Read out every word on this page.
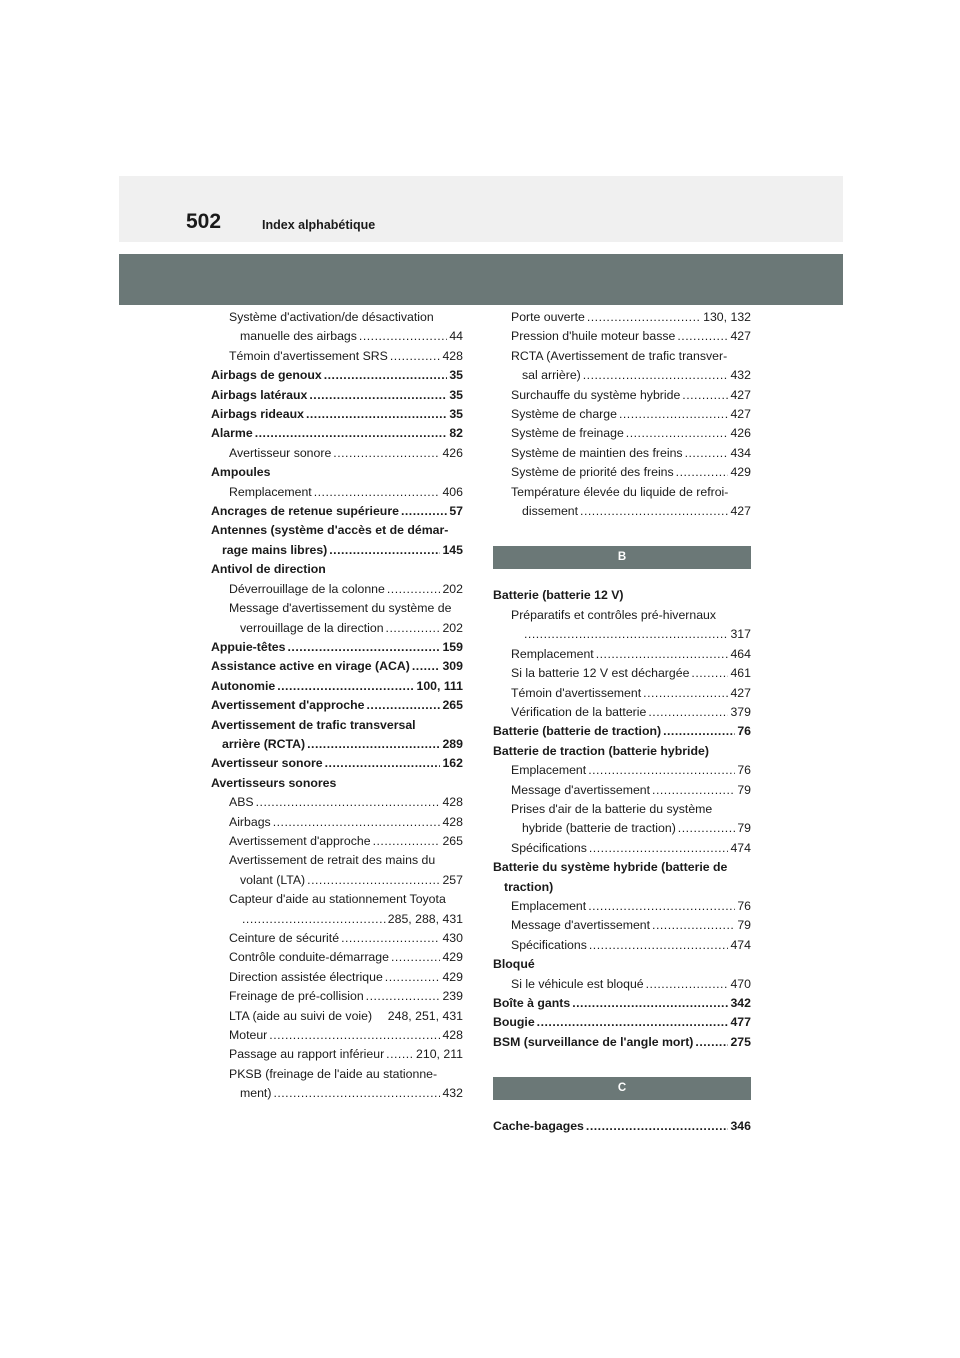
502	Index alphabétique
Système d'activation/de désactivation
manuelle des airbags .....	44
Témoin d'avertissement SRS .....	428
Airbags de genoux .....	35
Airbags latéraux .....	35
Airbags rideaux .....	35
Alarme .....	82
Avertisseur sonore .....	426
Ampoules
Remplacement .....	406
Ancrages de retenue supérieure .....	57
Antennes (système d'accès et de démar-
rage mains libres) .....	145
Antivol de direction
Déverrouillage de la colonne .....	202
Message d'avertissement du système de
verrouillage de la direction .....	202
Appuie-têtes .....	159
Assistance active en virage (ACA) .....	309
Autonomie .....	100, 111
Avertissement d'approche .....	265
Avertissement de trafic transversal
arrière (RCTA) .....	289
Avertisseur sonore .....	162
Avertisseurs sonores
ABS .....	428
Airbags .....	428
Avertissement d'approche .....	265
Avertissement de retrait des mains du
volant (LTA) .....	257
Capteur d'aide au stationnement Toyota
.....
285, 288, 431
Ceinture de sécurité .....	430
Contrôle conduite-démarrage .....	429
Direction assistée électrique .....	429
Freinage de pré-collision .....	239
LTA (aide au suivi de voie) 248, 251, 431
Moteur .....	428
Passage au rapport inférieur .....	210, 211
PKSB (freinage de l'aide au stationne-
ment) .....	432
Porte ouverte .....	130, 132
Pression d'huile moteur basse .....	427
RCTA (Avertissement de trafic transver-
sal arrière) .....	432
Surchauffe du système hybride .....	427
Système de charge .....	427
Système de freinage .....	426
Système de maintien des freins .....	434
Système de priorité des freins .....	429
Température élevée du liquide de refroi-
dissement .....	427
B
Batterie (batterie 12 V)
Préparatifs et contrôles pré-hivernaux
.....
317
Remplacement .....	464
Si la batterie 12 V est déchargée .....	461
Témoin d'avertissement .....	427
Vérification de la batterie .....	379
Batterie (batterie de traction) .....	76
Batterie de traction (batterie hybride)
Emplacement .....	76
Message d'avertissement .....	79
Prises d'air de la batterie du système
hybride (batterie de traction) .....	79
Spécifications .....	474
Batterie du système hybride (batterie de
traction)
Emplacement .....	76
Message d'avertissement .....	79
Spécifications .....	474
Bloqué
Si le véhicule est bloqué .....	470
Boîte à gants .....	342
Bougie .....	477
BSM (surveillance de l'angle mort) .....	275
C
Cache-bagages .....	346
